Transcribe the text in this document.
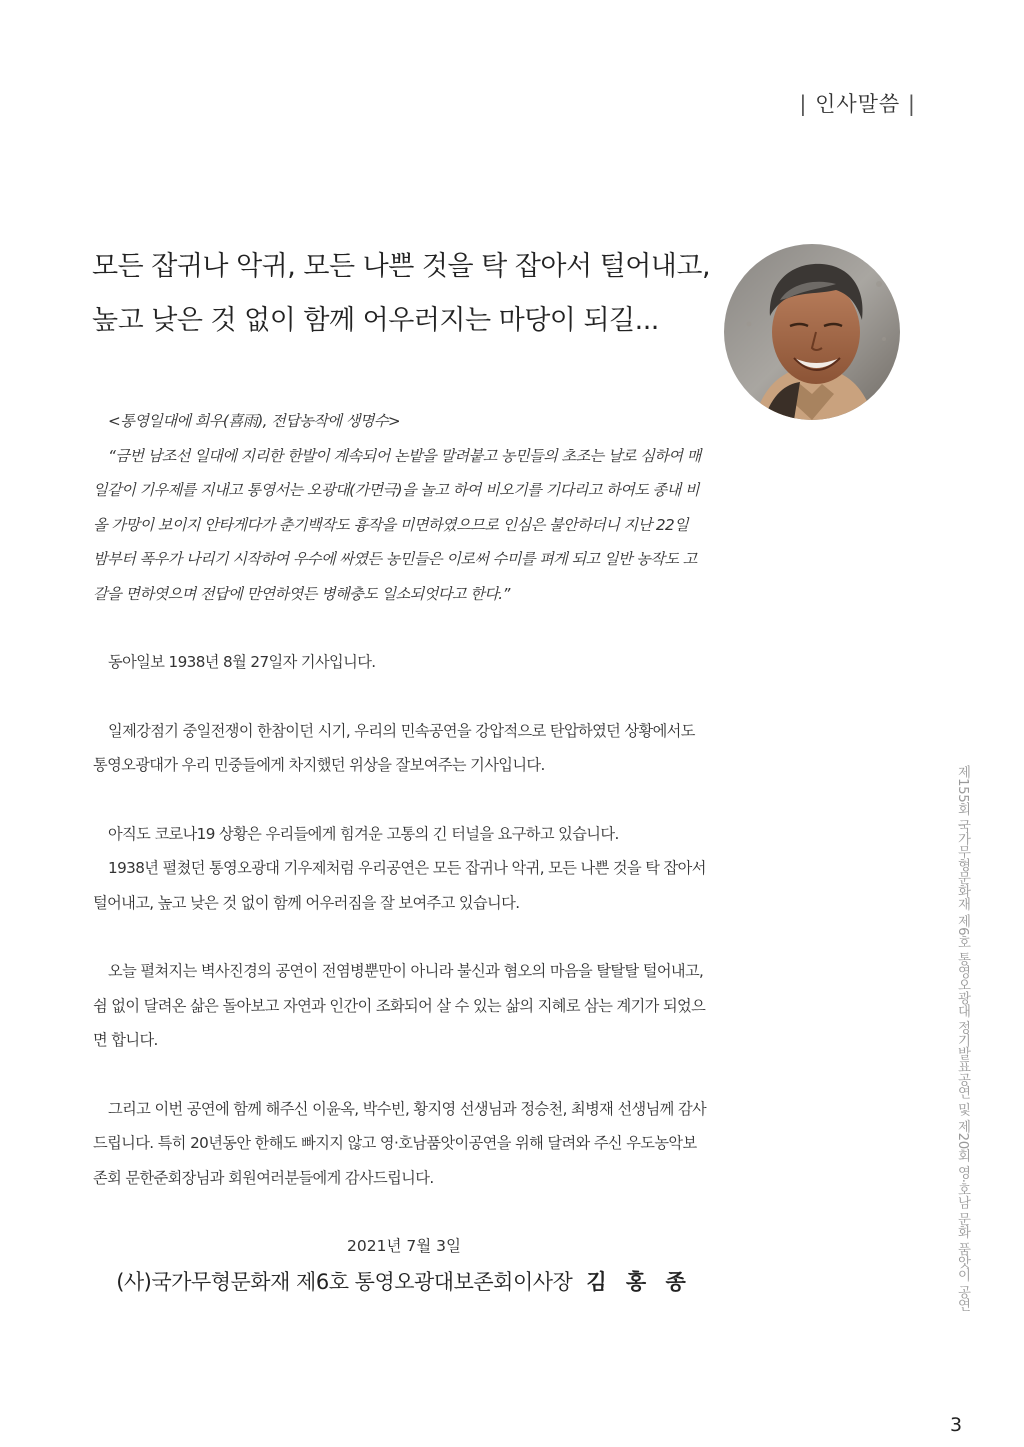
| 인사말씀 |
모든 잡귀나 악귀, 모든 나쁜 것을 탁 잡아서 털어내고,
높고 낮은 것 없이 함께 어우러지는 마당이 되길...

<통영일대에 희우(喜雨), 전답농작에 생명수>

“금번 남조선 일대에 지리한 한발이 계속되어 논밭을 말려붙고 농민들의 초조는 날로 심하여 매

일같이 기우제를 지내고 통영서는 오광대(가면극)을 놀고 하여 비오기를 기다리고 하여도 종내 비

올 가망이 보이지 안타게다가 춘기백작도 흉작을 미면하였으므로 인심은 불안하더니 지난 22일

밤부터 폭우가 나리기 시작하여 우수에 싸였든 농민들은 이로써 수미를 펴게 되고 일반 농작도 고

갈을 면하엿으며 전답에 만연하엿든 병해충도 일소되엇다고 한다.”

동아일보 1938년 8월 27일자 기사입니다.

일제강점기 중일전쟁이 한참이던 시기, 우리의 민속공연을 강압적으로 탄압하였던 상황에서도

통영오광대가 우리 민중들에게 차지했던 위상을 잘보여주는 기사입니다.

아직도 코로나19 상황은 우리들에게 힘겨운 고통의 긴 터널을 요구하고 있습니다.

1938년 펼쳤던 통영오광대 기우제처럼 우리공연은 모든 잡귀나 악귀, 모든 나쁜 것을 탁 잡아서

털어내고, 높고 낮은 것 없이 함께 어우러짐을 잘 보여주고 있습니다.

오늘 펼쳐지는 벽사진경의 공연이 전염병뿐만이 아니라 불신과 혐오의 마음을 탈탈탈 털어내고,

쉼 없이 달려온 삶은 돌아보고 자연과 인간이 조화되어 살 수 있는 삶의 지혜로 삼는 계기가 되었으

면 합니다.

그리고 이번 공연에 함께 해주신 이윤옥, 박수빈, 황지영 선생님과 정승천, 최병재 선생님께 감사

드립니다. 특히 20년동안 한해도 빠지지 않고 영·호남품앗이공연을 위해 달려와 주신 우도농악보

존회 문한준회장님과 회원여러분들에게 감사드립니다.

2021년 7월 3일
(사)국가무형문화재 제6호 통영오광대보존회이사장 김 홍 종	제155회 국가무형문화재 제6호 통영오광대 정기발표공연 및 제20회 영·호남 문화 품앗이 공연
3
